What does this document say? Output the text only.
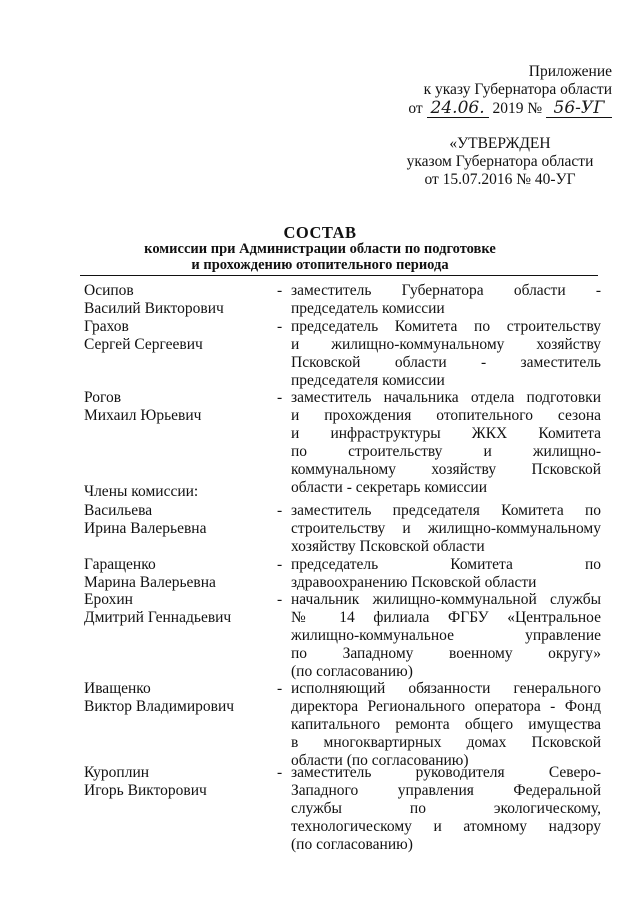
Приложение
к указу Губернатора области
от 24.06. 2019 № 56-УГ
«УТВЕРЖДЕН
указом Губернатора области
от 15.07.2016 № 40-УГ
СОСТАВ
комиссии при Администрации области по подготовке
и прохождению отопительного периода
Осипов
Василий Викторович
- заместитель Губернатора области -
председатель комиссии
Грахов
Сергей Сергеевич
- председатель Комитета по строительству
и жилищно-коммунальному хозяйству
Псковской области - заместитель
председателя комиссии
Рогов
Михаил Юрьевич
- заместитель начальника отдела подготовки
и прохождения отопительного сезона
и инфраструктуры ЖКХ Комитета
по строительству и жилищно-
коммунальному хозяйству Псковской
области - секретарь комиссии
Члены комиссии:
Васильева
Ирина Валерьевна
- заместитель председателя Комитета по
строительству и жилищно-коммунальному
хозяйству Псковской области
Гаращенко
Марина Валерьевна
- председатель Комитета по
здравоохранению Псковской области
Ерохин
Дмитрий Геннадьевич
- начальник жилищно-коммунальной службы
№ 14 филиала ФГБУ «Центральное
жилищно-коммунальное управление
по Западному военному округу»
(по согласованию)
Иващенко
Виктор Владимирович
- исполняющий обязанности генерального
директора Регионального оператора - Фонд
капитального ремонта общего имущества
в многоквартирных домах Псковской
области (по согласованию)
Куроплин
Игорь Викторович
- заместитель руководителя Северо-
Западного управления Федеральной
службы по экологическому,
технологическому и атомному надзору
(по согласованию)
